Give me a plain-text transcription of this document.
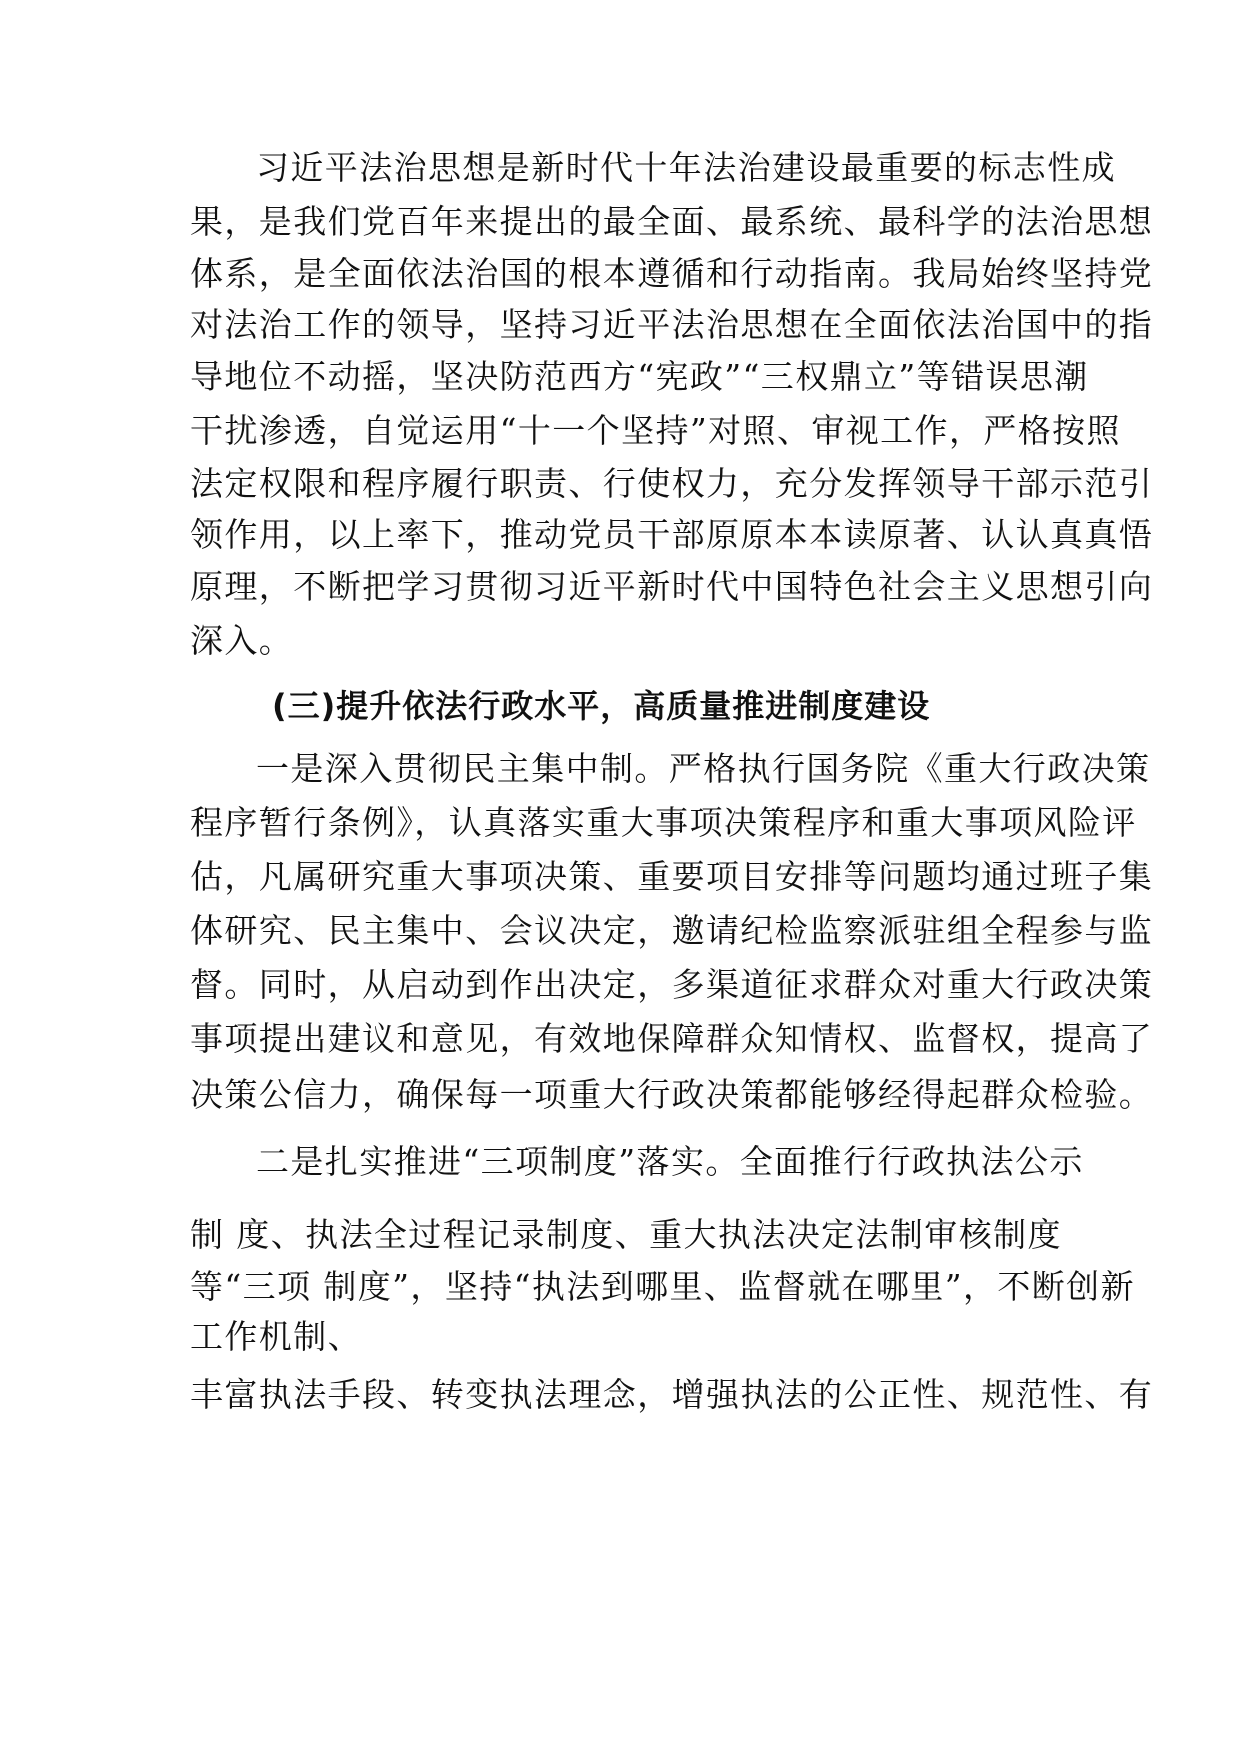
习近平法治思想是新时代十年法治建设最重要的标志性成
果，是我们党百年来提出的最全面、最系统、最科学的法治思想
体系，是全面依法治国的根本遵循和行动指南。我局始终坚持党
对法治工作的领导，坚持习近平法治思想在全面依法治国中的指
导地位不动摇，坚决防范西方“宪政”“三权鼎立”等错误思潮
干扰渗透，自觉运用“十一个坚持”对照、审视工作，严格按照
法定权限和程序履行职责、行使权力，充分发挥领导干部示范引
领作用，以上率下，推动党员干部原原本本读原著、认认真真悟
原理，不断把学习贯彻习近平新时代中国特色社会主义思想引向
深入。
(三)提升依法行政水平，高质量推进制度建设
一是深入贯彻民主集中制。严格执行国务院《重大行政决策
程序暂行条例》，认真落实重大事项决策程序和重大事项风险评
估，凡属研究重大事项决策、重要项目安排等问题均通过班子集
体研究、民主集中、会议决定，邀请纪检监察派驻组全程参与监
督。同时，从启动到作出决定，多渠道征求群众对重大行政决策
事项提出建议和意见，有效地保障群众知情权、监督权，提高了
决策公信力，确保每一项重大行政决策都能够经得起群众检验。
二是扎实推进“三项制度”落实。全面推行行政执法公示
制 度、执法全过程记录制度、重大执法决定法制审核制度
等“三项 制度”，坚持“执法到哪里、监督就在哪里”，不断创新
工作机制、
丰富执法手段、转变执法理念，增强执法的公正性、规范性、有
